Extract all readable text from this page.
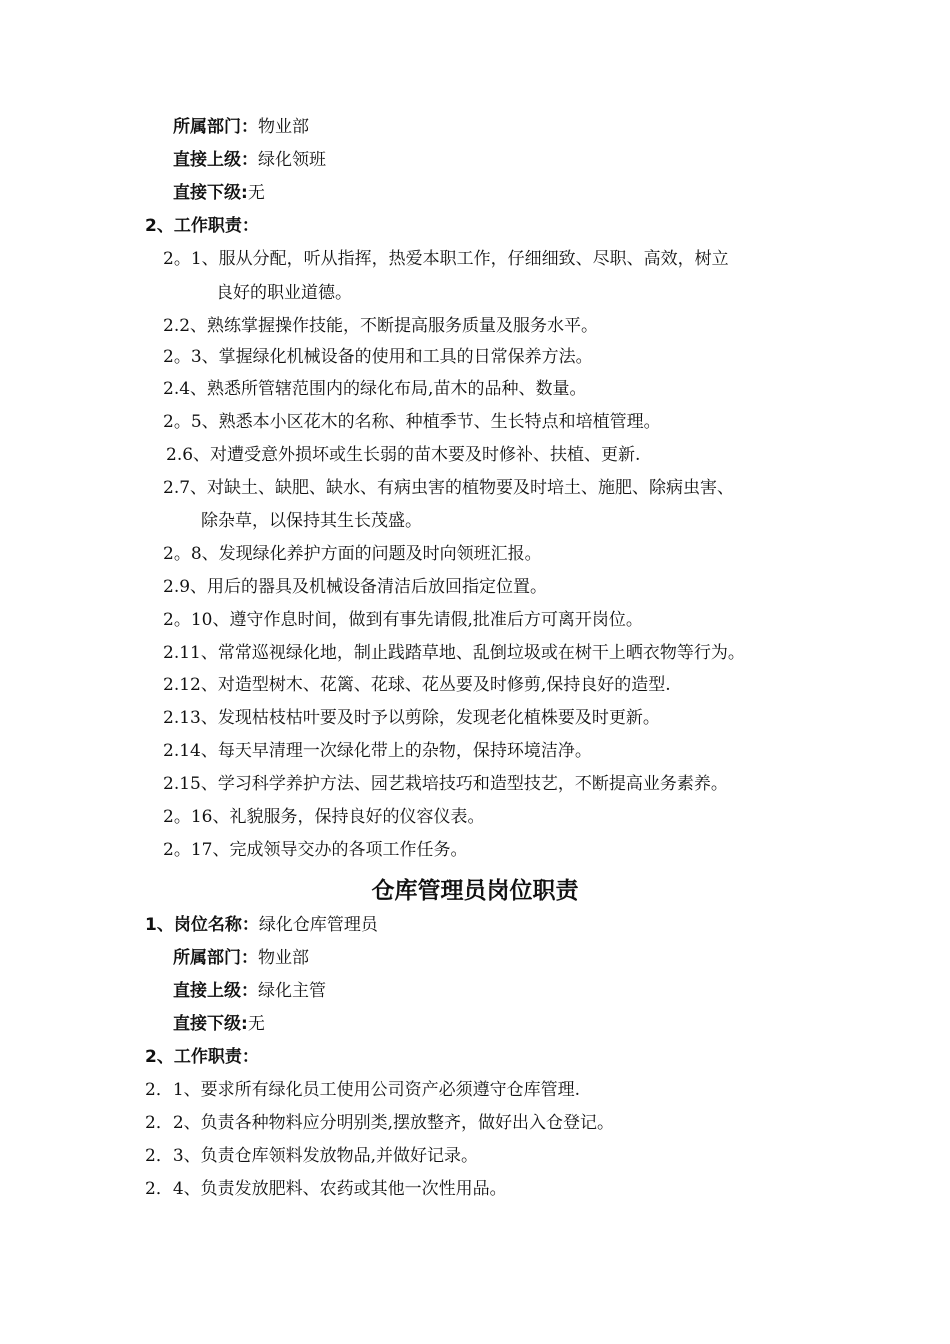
所属部门：物业部
直接上级：绿化领班
直接下级:无
2、工作职责：
2。1、服从分配，听从指挥，热爱本职工作，仔细细致、尽职、高效，树立
良好的职业道德。
2.2、熟练掌握操作技能，不断提高服务质量及服务水平。
2。3、掌握绿化机械设备的使用和工具的日常保养方法。
2.4、熟悉所管辖范围内的绿化布局,苗木的品种、数量。
2。5、熟悉本小区花木的名称、种植季节、生长特点和培植管理。
2.6、对遭受意外损坏或生长弱的苗木要及时修补、扶植、更新.
2.7、对缺土、缺肥、缺水、有病虫害的植物要及时培土、施肥、除病虫害、
除杂草，以保持其生长茂盛。
2。8、发现绿化养护方面的问题及时向领班汇报。
2.9、用后的器具及机械设备清洁后放回指定位置。
2。10、遵守作息时间，做到有事先请假,批准后方可离开岗位。
2.11、常常巡视绿化地，制止践踏草地、乱倒垃圾或在树干上晒衣物等行为。
2.12、对造型树木、花篱、花球、花丛要及时修剪,保持良好的造型.
2.13、发现枯枝枯叶要及时予以剪除，发现老化植株要及时更新。
2.14、每天早清理一次绿化带上的杂物，保持环境洁净。
2.15、学习科学养护方法、园艺栽培技巧和造型技艺，不断提高业务素养。
2。16、礼貌服务，保持良好的仪容仪表。
2。17、完成领导交办的各项工作任务。
仓库管理员岗位职责
1、岗位名称：绿化仓库管理员
所属部门：物业部
直接上级：绿化主管
直接下级:无
2、工作职责：
2．1、要求所有绿化员工使用公司资产必须遵守仓库管理.
2．2、负责各种物料应分明别类,摆放整齐，做好出入仓登记。
2．3、负责仓库领料发放物品,并做好记录。
2．4、负责发放肥料、农药或其他一次性用品。
